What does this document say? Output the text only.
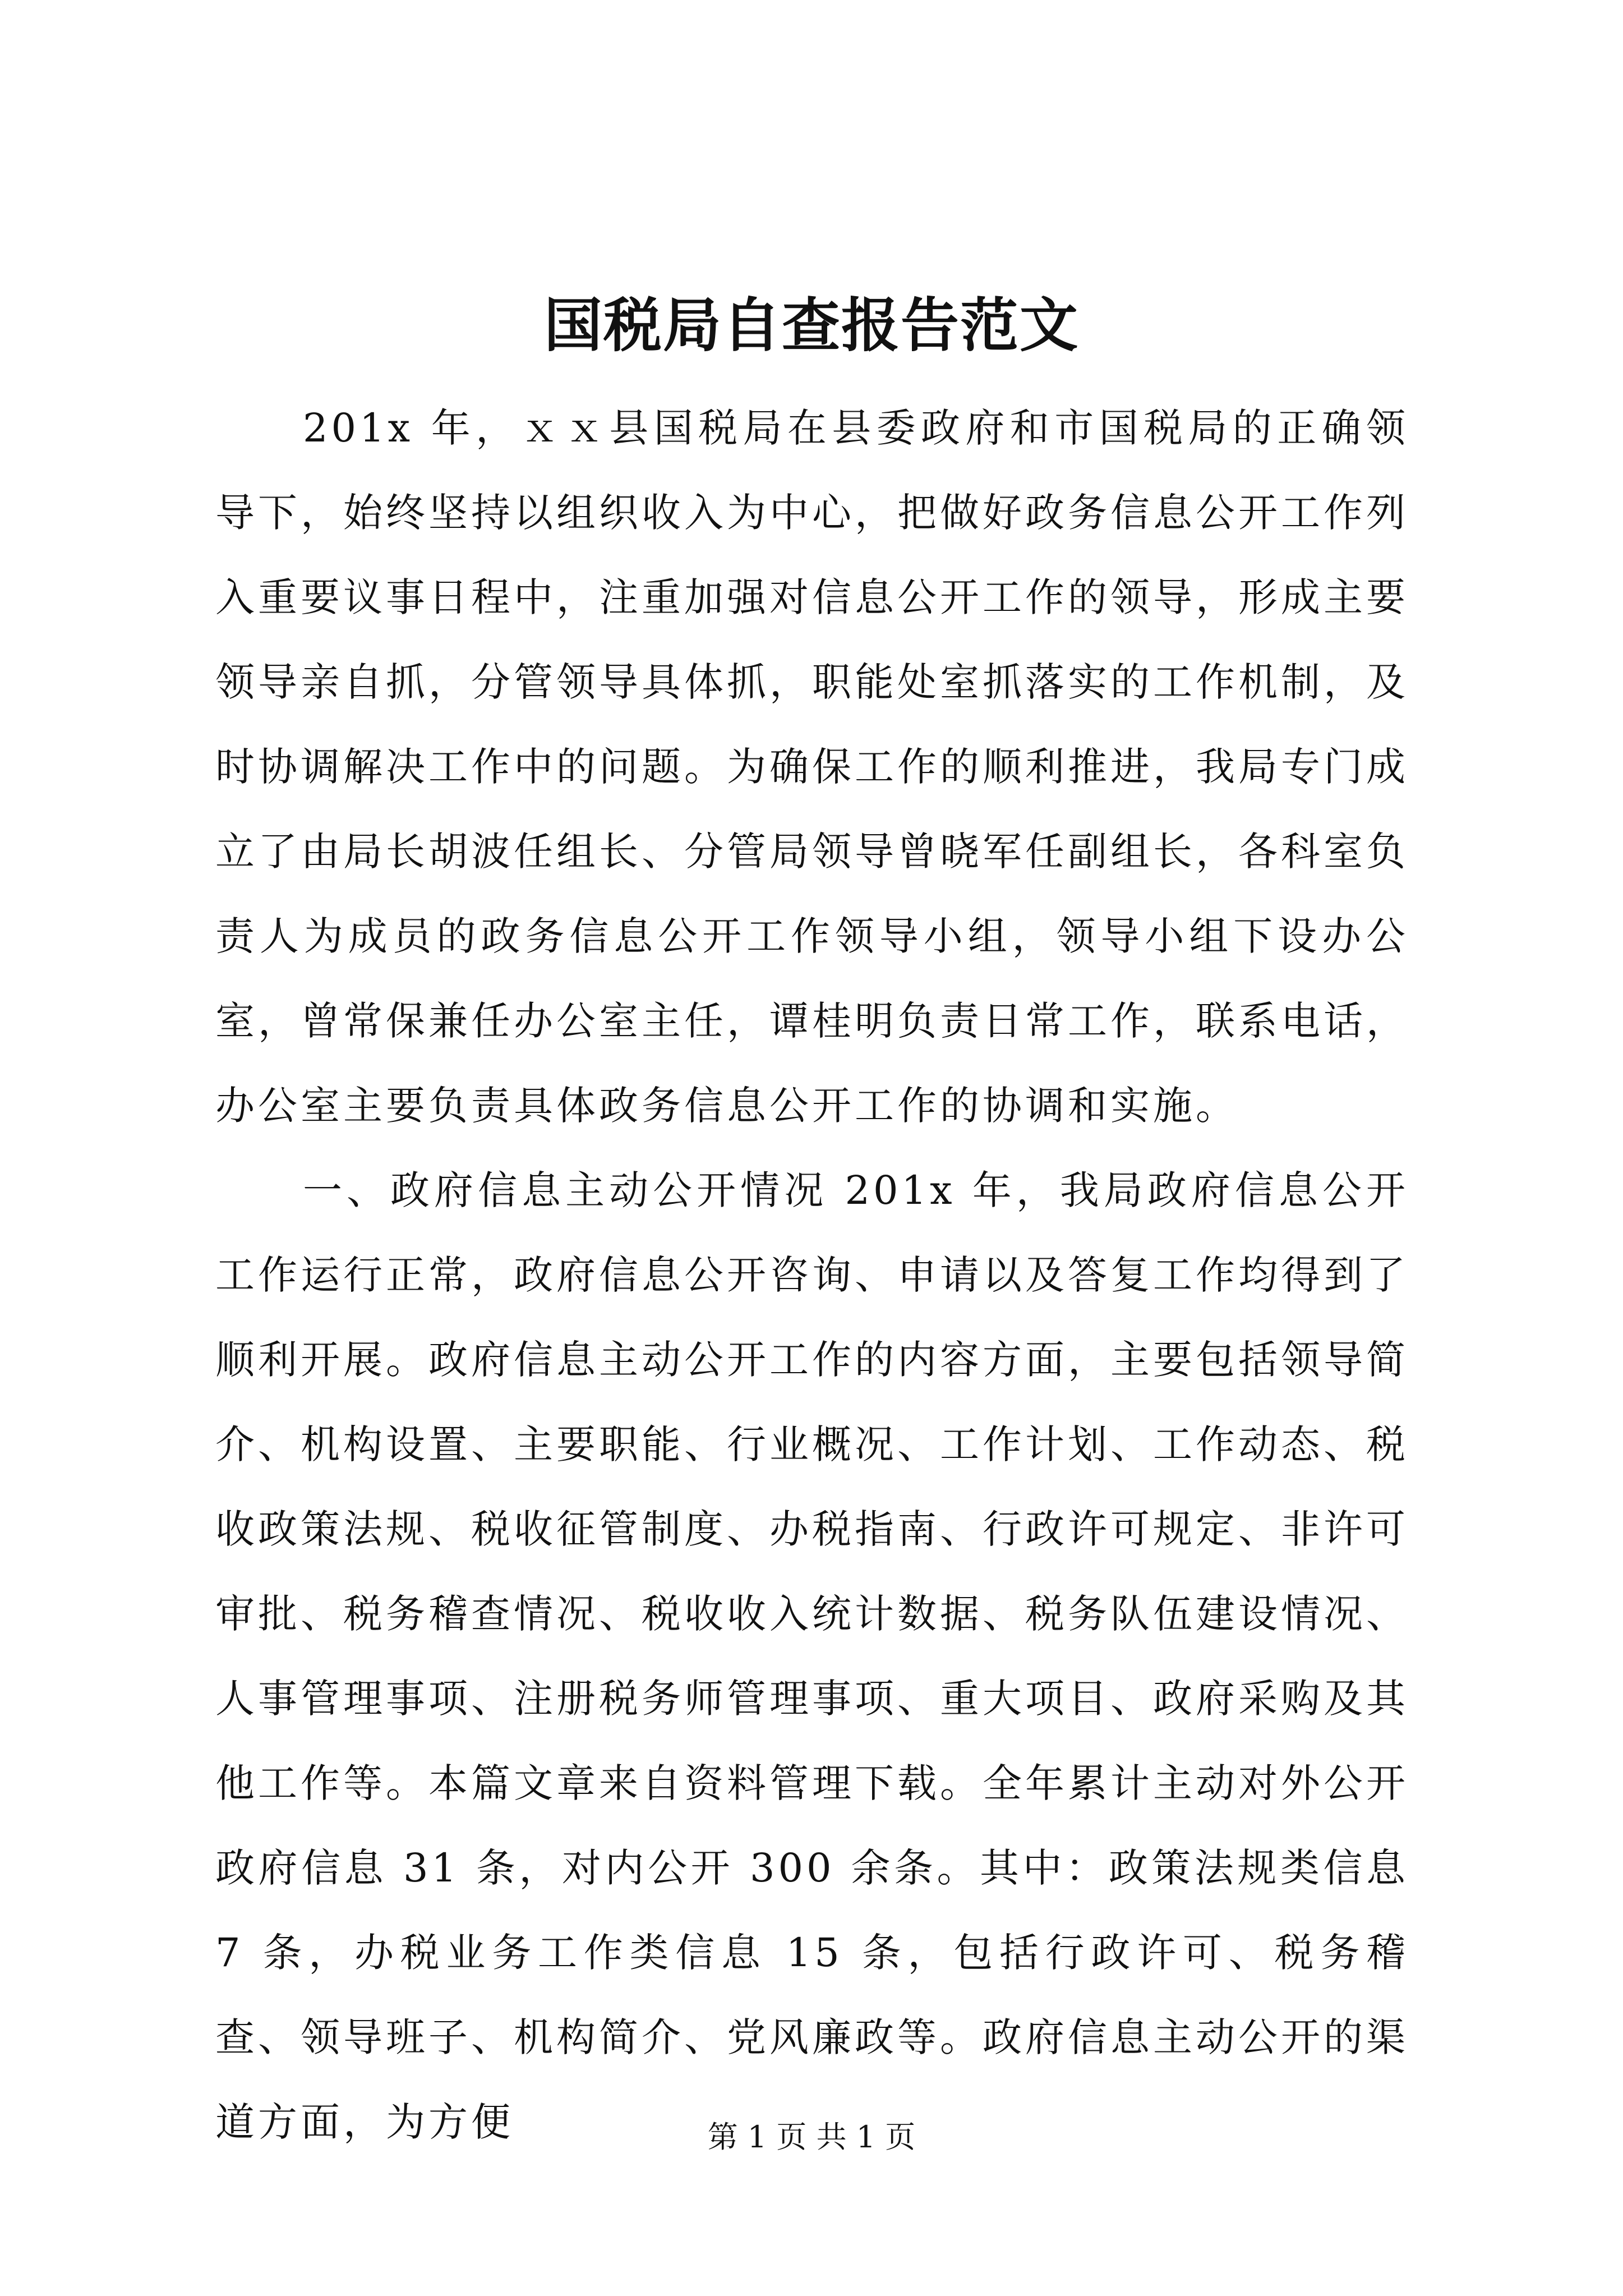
国税局自查报告范文

201x 年，ｘｘ县国税局在县委政府和市国税局的正确领导下，始终坚持以组织收入为中心，把做好政务信息公开工作列入重要议事日程中，注重加强对信息公开工作的领导，形成主要领导亲自抓，分管领导具体抓，职能处室抓落实的工作机制，及时协调解决工作中的问题。为确保工作的顺利推进，我局专门成立了由局长胡波任组长、分管局领导曾晓军任副组长，各科室负责人为成员的政务信息公开工作领导小组，领导小组下设办公室，曾常保兼任办公室主任，谭桂明负责日常工作，联系电话，办公室主要负责具体政务信息公开工作的协调和实施。

一、政府信息主动公开情况 201x 年，我局政府信息公开工作运行正常，政府信息公开咨询、申请以及答复工作均得到了顺利开展。政府信息主动公开工作的内容方面，主要包括领导简介、机构设置、主要职能、行业概况、工作计划、工作动态、税收政策法规、税收征管制度、办税指南、行政许可规定、非许可审批、税务稽查情况、税收收入统计数据、税务队伍建设情况、人事管理事项、注册税务师管理事项、重大项目、政府采购及其他工作等。本篇文章来自资料管理下载。全年累计主动对外公开政府信息 31 条，对内公开 300 余条。其中：政策法规类信息 7 条，办税业务工作类信息 15 条，包括行政许可、税务稽查、领导班子、机构简介、党风廉政等。政府信息主动公开的渠道方面，为方便	第 1 页 共 1 页
